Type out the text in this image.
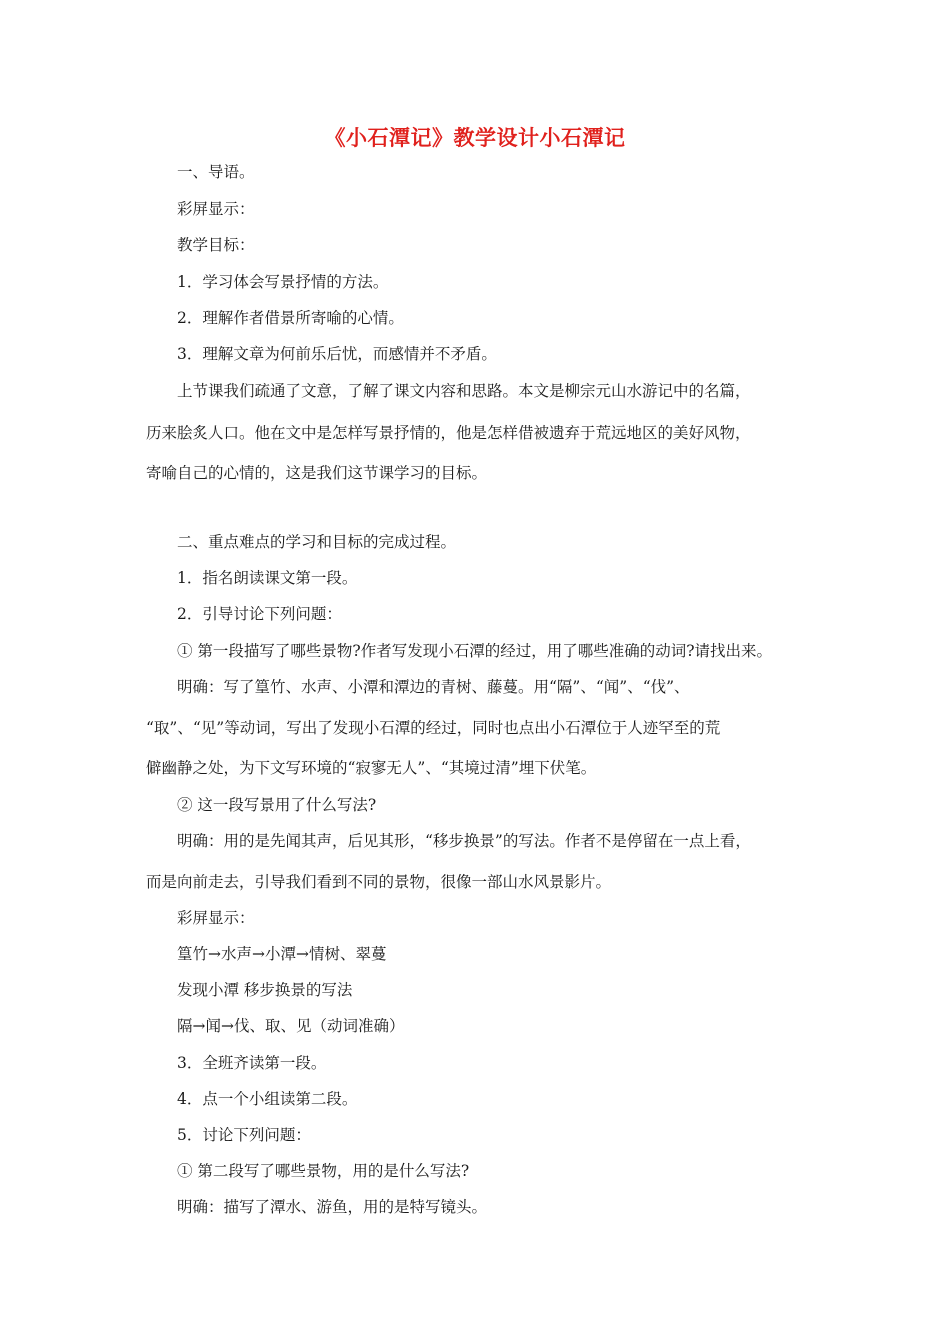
《小石潭记》教学设计小石潭记
一、导语。
彩屏显示：
教学目标：
1．学习体会写景抒情的方法。
2．理解作者借景所寄喻的心情。
3．理解文章为何前乐后忧，而感情并不矛盾。
上节课我们疏通了文意，了解了课文内容和思路。本文是柳宗元山水游记中的名篇，
历来脍炙人口。他在文中是怎样写景抒情的，他是怎样借被遗弃于荒远地区的美好风物，
寄喻自己的心情的，这是我们这节课学习的目标。
二、重点难点的学习和目标的完成过程。
1．指名朗读课文第一段。
2．引导讨论下列问题：
① 第一段描写了哪些景物?作者写发现小石潭的经过，用了哪些准确的动词?请找出来。
明确：写了篁竹、水声、小潭和潭边的青树、藤蔓。用“隔”、“闻”、“伐”、
“取”、“见”等动词，写出了发现小石潭的经过，同时也点出小石潭位于人迹罕至的荒
僻幽静之处，为下文写环境的“寂寥无人”、“其境过清”埋下伏笔。
② 这一段写景用了什么写法?
明确：用的是先闻其声，后见其形，“移步换景”的写法。作者不是停留在一点上看，
而是向前走去，引导我们看到不同的景物，很像一部山水风景影片。
彩屏显示：
篁竹→水声→小潭→情树、翠蔓
发现小潭 移步换景的写法
隔→闻→伐、取、见（动词准确）
3．全班齐读第一段。
4．点一个小组读第二段。
5．讨论下列问题：
① 第二段写了哪些景物，用的是什么写法?
明确：描写了潭水、游鱼，用的是特写镜头。
